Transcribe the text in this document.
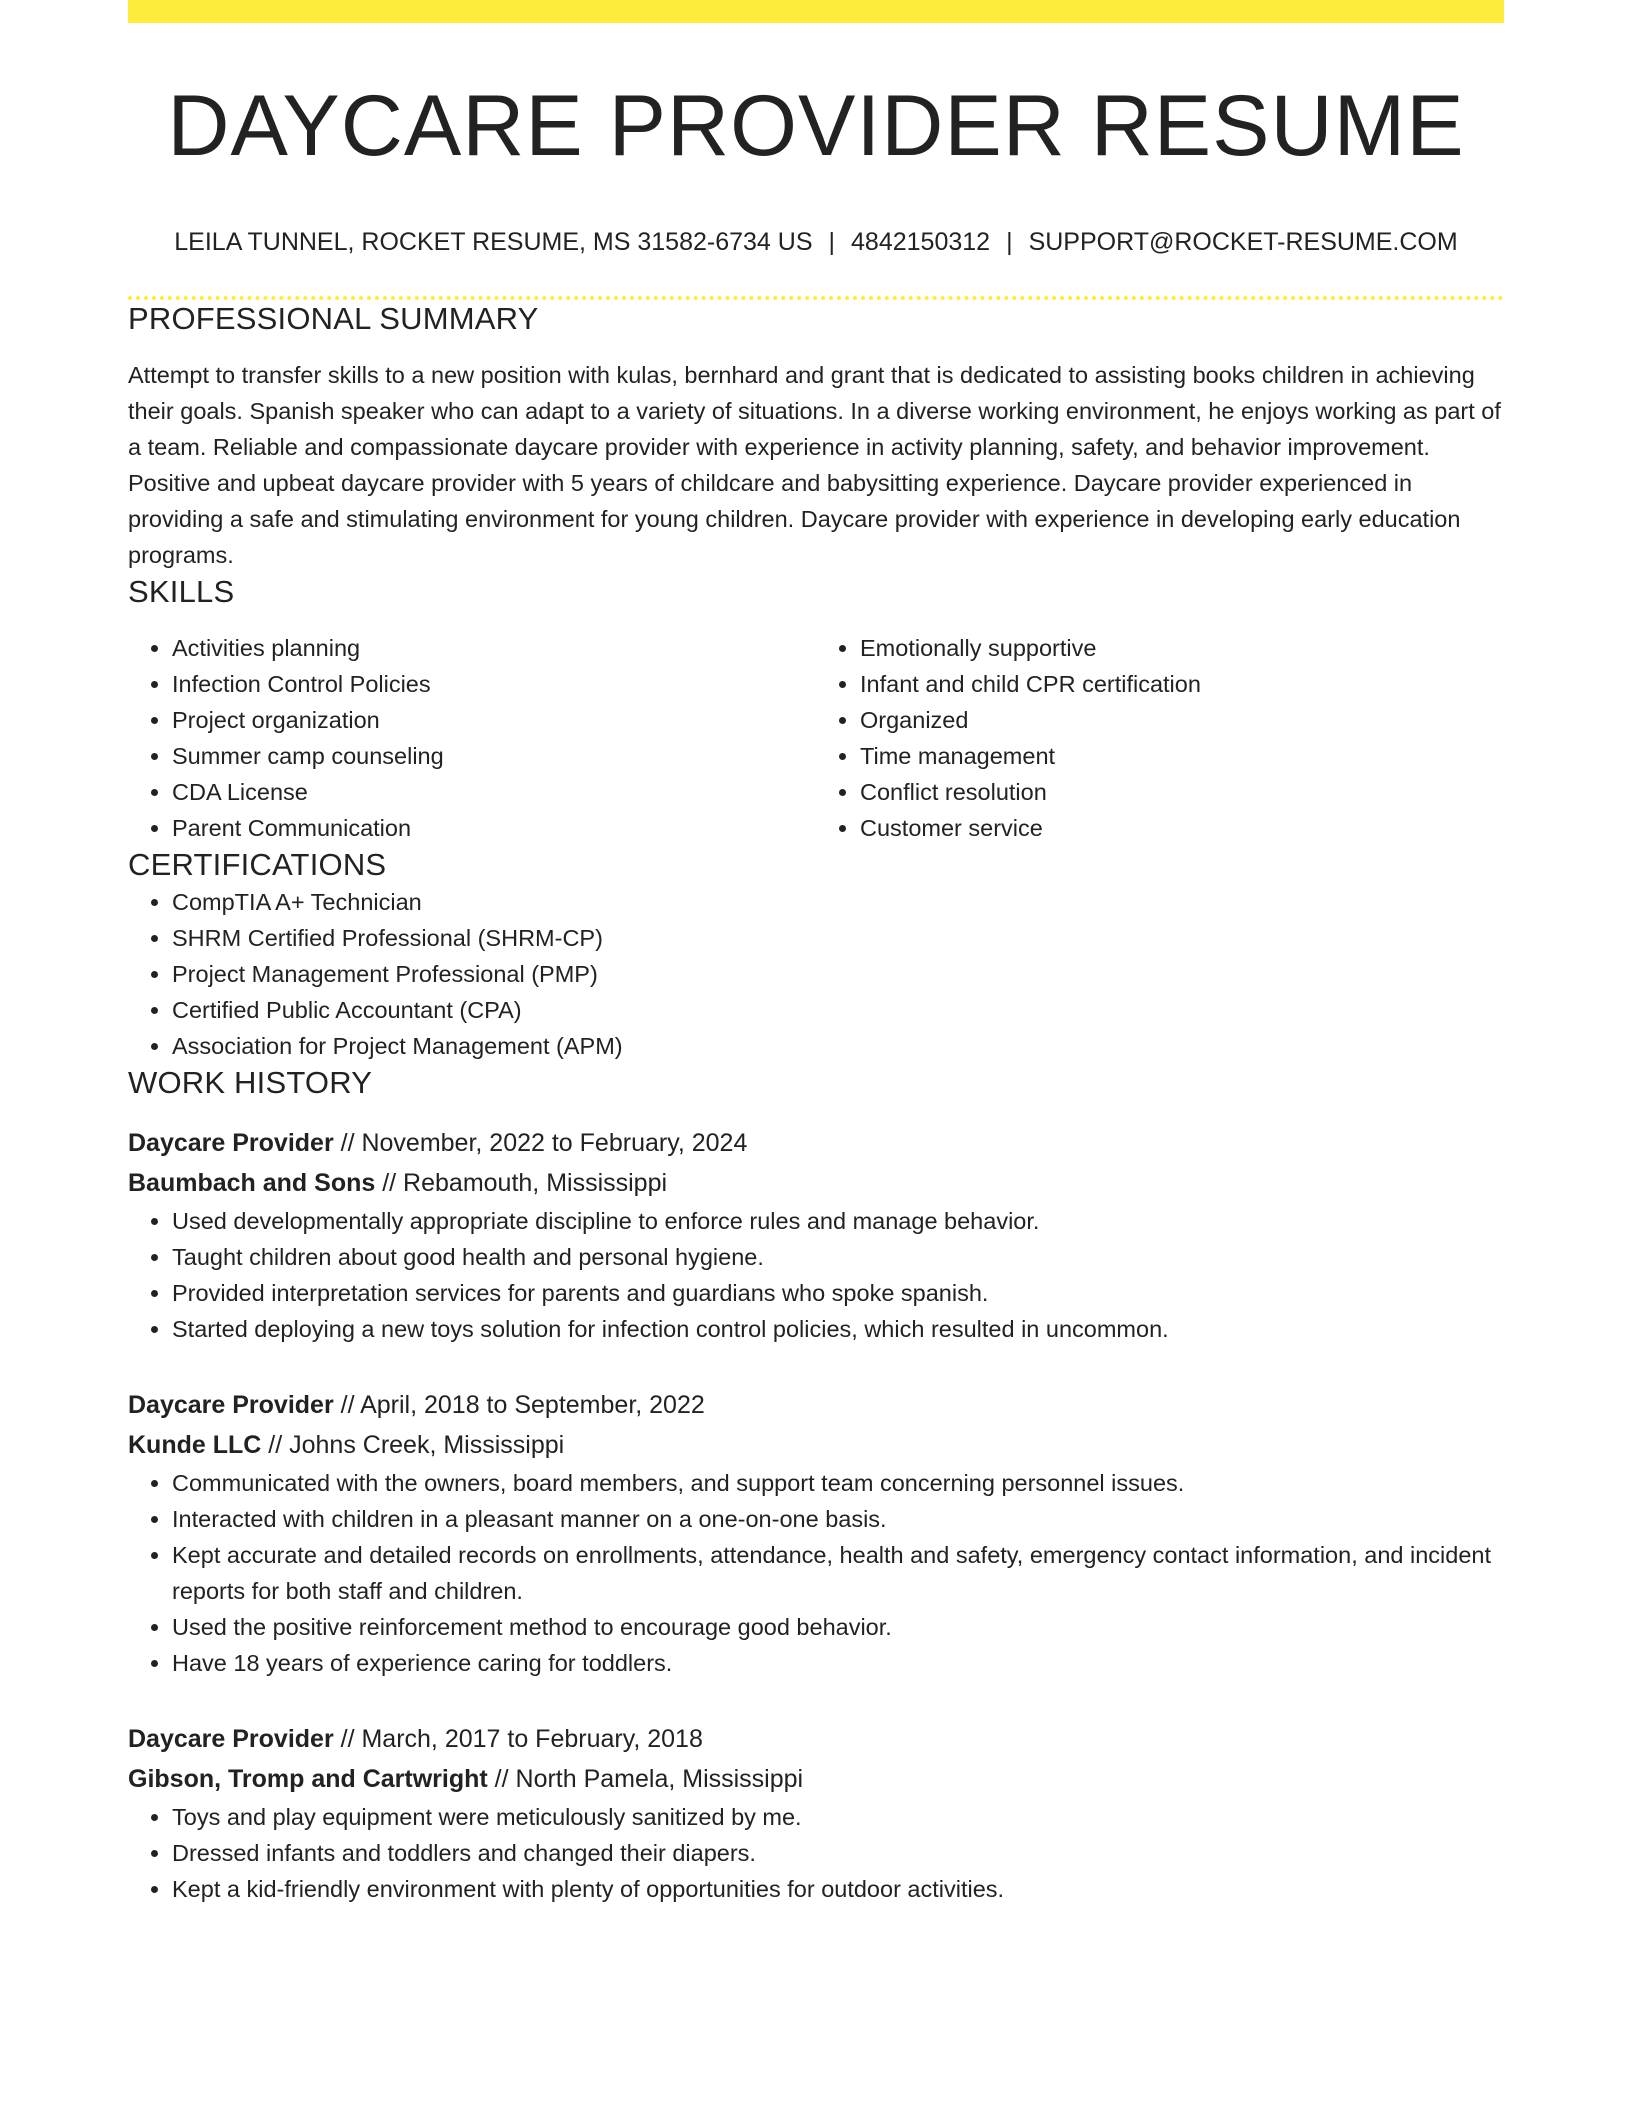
DAYCARE PROVIDER RESUME
LEILA TUNNEL, ROCKET RESUME, MS 31582-6734 US | 4842150312 | SUPPORT@ROCKET-RESUME.COM
PROFESSIONAL SUMMARY

Attempt to transfer skills to a new position with kulas, bernhard and grant that is dedicated to assisting books children in achieving their goals. Spanish speaker who can adapt to a variety of situations. In a diverse working environment, he enjoys working as part of a team. Reliable and compassionate daycare provider with experience in activity planning, safety, and behavior improvement. Positive and upbeat daycare provider with 5 years of childcare and babysitting experience. Daycare provider experienced in providing a safe and stimulating environment for young children. Daycare provider with experience in developing early education programs.

SKILLS
• Activities planning
• Infection Control Policies
• Project organization
• Summer camp counseling
• CDA License
• Parent Communication
• Emotionally supportive
• Infant and child CPR certification
• Organized
• Time management
• Conflict resolution
• Customer service
CERTIFICATIONS
• CompTIA A+ Technician
• SHRM Certified Professional (SHRM-CP)
• Project Management Professional (PMP)
• Certified Public Accountant (CPA)
• Association for Project Management (APM)
WORK HISTORY
Daycare Provider // November, 2022 to February, 2024
Baumbach and Sons // Rebamouth, Mississippi
• Used developmentally appropriate discipline to enforce rules and manage behavior.
• Taught children about good health and personal hygiene.
• Provided interpretation services for parents and guardians who spoke spanish.
• Started deploying a new toys solution for infection control policies, which resulted in uncommon.
Daycare Provider // April, 2018 to September, 2022
Kunde LLC // Johns Creek, Mississippi
• Communicated with the owners, board members, and support team concerning personnel issues.
• Interacted with children in a pleasant manner on a one-on-one basis.
• Kept accurate and detailed records on enrollments, attendance, health and safety, emergency contact information, and incident reports for both staff and children.
• Used the positive reinforcement method to encourage good behavior.
• Have 18 years of experience caring for toddlers.
Daycare Provider // March, 2017 to February, 2018
Gibson, Tromp and Cartwright // North Pamela, Mississippi
• Toys and play equipment were meticulously sanitized by me.
• Dressed infants and toddlers and changed their diapers.
• Kept a kid-friendly environment with plenty of opportunities for outdoor activities.
